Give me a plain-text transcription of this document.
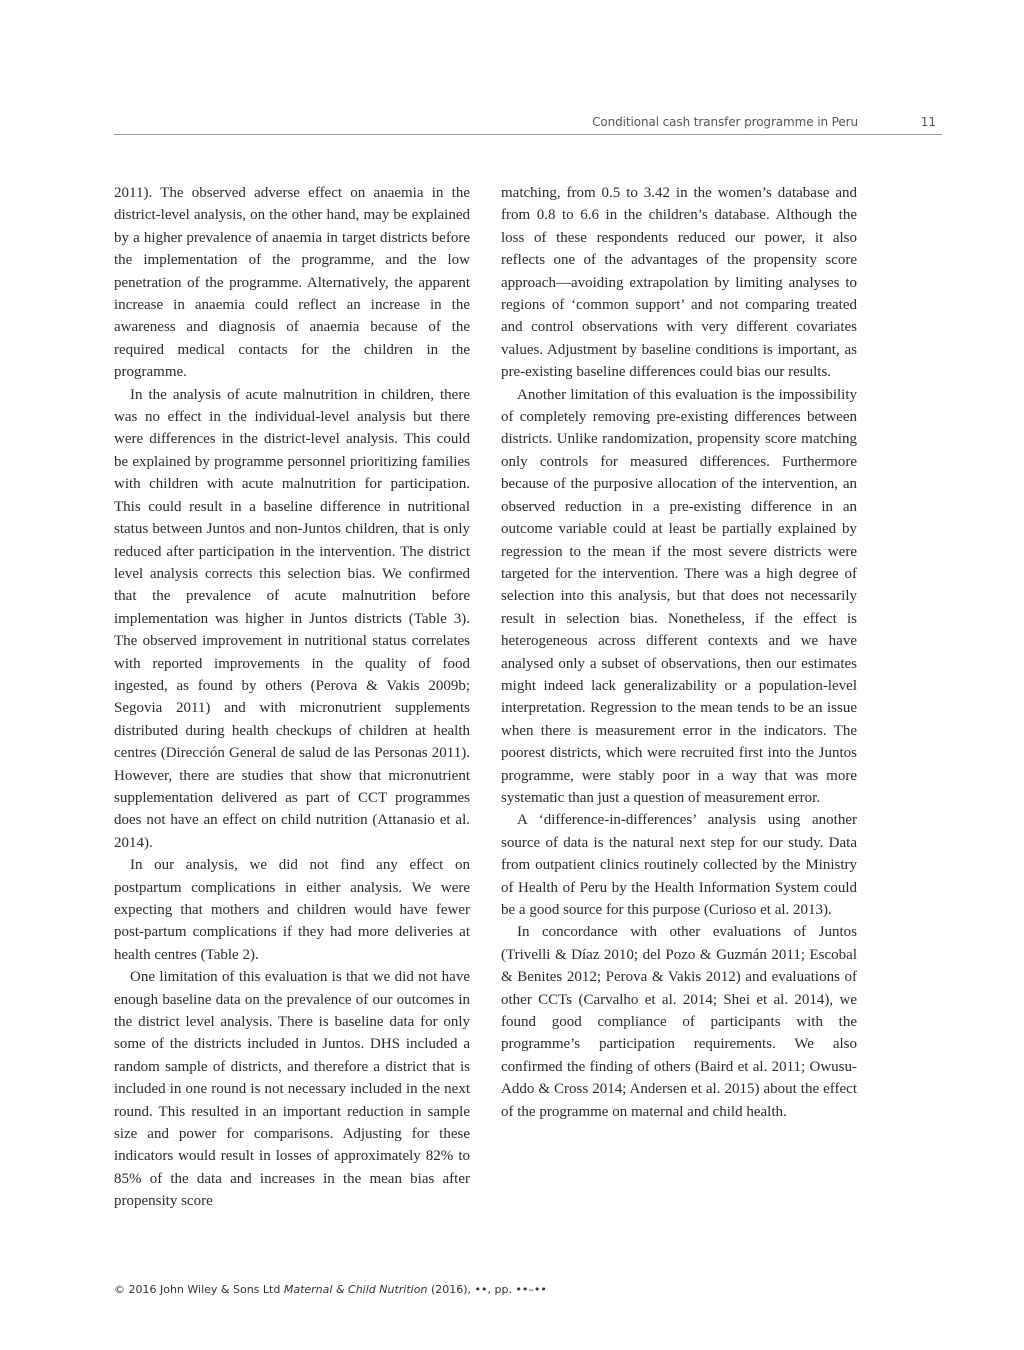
Conditional cash transfer programme in Peru	11

2011). The observed adverse effect on anaemia in the district-level analysis, on the other hand, may be explained by a higher prevalence of anaemia in target districts before the implementation of the programme, and the low penetration of the programme. Alternatively, the apparent increase in anaemia could reflect an increase in the awareness and diagnosis of anaemia because of the required medical contacts for the children in the programme.

In the analysis of acute malnutrition in children, there was no effect in the individual-level analysis but there were differences in the district-level analysis. This could be explained by programme personnel prioritizing families with children with acute malnutrition for participation. This could result in a baseline difference in nutritional status between Juntos and non-Juntos children, that is only reduced after participation in the intervention. The district level analysis corrects this selection bias. We confirmed that the prevalence of acute malnutrition before implementation was higher in Juntos districts (Table 3). The observed improvement in nutritional status correlates with reported improvements in the quality of food ingested, as found by others (Perova & Vakis 2009b; Segovia 2011) and with micronutrient supplements distributed during health checkups of children at health centres (Dirección General de salud de las Personas 2011). However, there are studies that show that micronutrient supplementation delivered as part of CCT programmes does not have an effect on child nutrition (Attanasio et al. 2014).

In our analysis, we did not find any effect on postpartum complications in either analysis. We were expecting that mothers and children would have fewer post-partum complications if they had more deliveries at health centres (Table 2).

One limitation of this evaluation is that we did not have enough baseline data on the prevalence of our outcomes in the district level analysis. There is baseline data for only some of the districts included in Juntos. DHS included a random sample of districts, and therefore a district that is included in one round is not necessary included in the next round. This resulted in an important reduction in sample size and power for comparisons. Adjusting for these indicators would result in losses of approximately 82% to 85% of the data and increases in the mean bias after propensity score

matching, from 0.5 to 3.42 in the women’s database and from 0.8 to 6.6 in the children’s database. Although the loss of these respondents reduced our power, it also reflects one of the advantages of the propensity score approach—avoiding extrapolation by limiting analyses to regions of ‘common support’ and not comparing treated and control observations with very different covariates values. Adjustment by baseline conditions is important, as pre-existing baseline differences could bias our results.

Another limitation of this evaluation is the impossibility of completely removing pre-existing differences between districts. Unlike randomization, propensity score matching only controls for measured differences. Furthermore because of the purposive allocation of the intervention, an observed reduction in a pre-existing difference in an outcome variable could at least be partially explained by regression to the mean if the most severe districts were targeted for the intervention. There was a high degree of selection into this analysis, but that does not necessarily result in selection bias. Nonetheless, if the effect is heterogeneous across different contexts and we have analysed only a subset of observations, then our estimates might indeed lack generalizability or a population-level interpretation. Regression to the mean tends to be an issue when there is measurement error in the indicators. The poorest districts, which were recruited first into the Juntos programme, were stably poor in a way that was more systematic than just a question of measurement error.

A ‘difference-in-differences’ analysis using another source of data is the natural next step for our study. Data from outpatient clinics routinely collected by the Ministry of Health of Peru by the Health Information System could be a good source for this purpose (Curioso et al. 2013).

In concordance with other evaluations of Juntos (Trivelli & Díaz 2010; del Pozo & Guzmán 2011; Escobal & Benites 2012; Perova & Vakis 2012) and evaluations of other CCTs (Carvalho et al. 2014; Shei et al. 2014), we found good compliance of participants with the programme’s participation requirements. We also confirmed the finding of others (Baird et al. 2011; Owusu-Addo & Cross 2014; Andersen et al. 2015) about the effect of the programme on maternal and child health.

© 2016 John Wiley & Sons Ltd Maternal & Child Nutrition (2016), ••, pp. ••–••
